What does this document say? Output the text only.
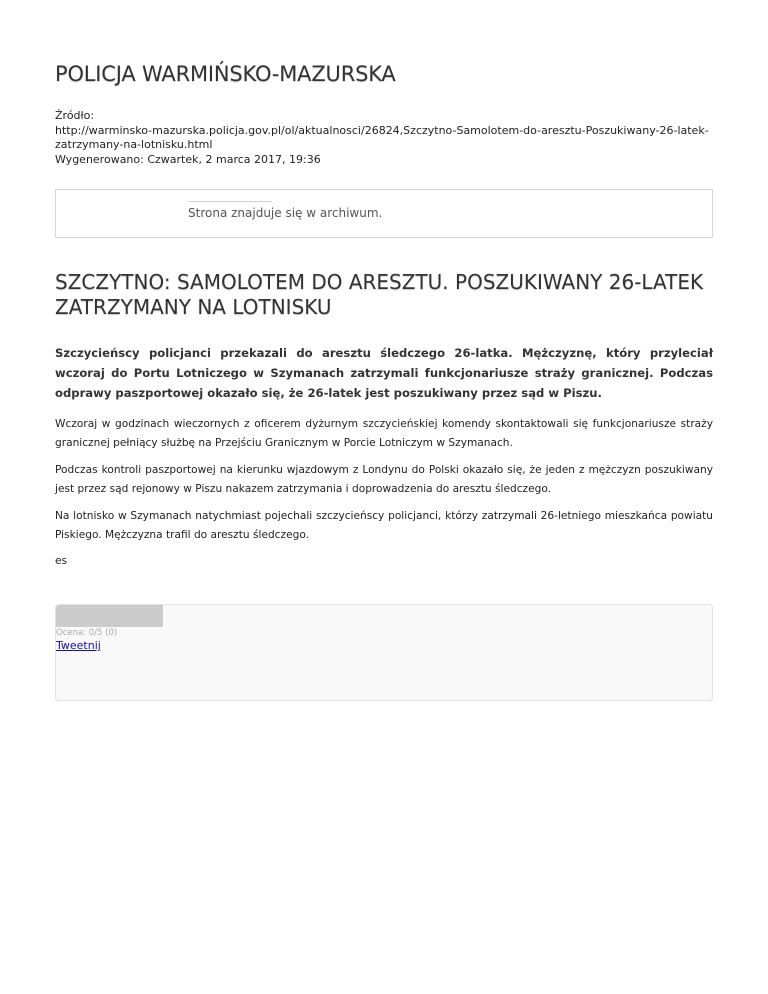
POLICJA WARMIŃSKO-MAZURSKA
Źródło:
http://warminsko-mazurska.policja.gov.pl/ol/aktualnosci/26824,Szczytno-Samolotem-do-aresztu-Poszukiwany-26-latek-zatrzymany-na-lotnisku.html
Wygenerowano: Czwartek, 2 marca 2017, 19:36
Strona znajduje się w archiwum.
SZCZYTNO: SAMOLOTEM DO ARESZTU. POSZUKIWANY 26-LATEK ZATRZYMANY NA LOTNISKU

Szczycieńscy policjanci przekazali do aresztu śledczego 26-latka. Mężczyznę, który przyleciał wczoraj do Portu Lotniczego w Szymanach zatrzymali funkcjonariusze straży granicznej. Podczas odprawy paszportowej okazało się, że 26-latek jest poszukiwany przez sąd w Piszu.

Wczoraj w godzinach wieczornych z oficerem dyżurnym szczycieńskiej komendy skontaktowali się funkcjonariusze straży granicznej pełniący służbę na Przejściu Granicznym w Porcie Lotniczym w Szymanach.

Podczas kontroli paszportowej na kierunku wjazdowym z Londynu do Polski okazało się, że jeden z mężczyzn poszukiwany jest przez sąd rejonowy w Piszu nakazem zatrzymania i doprowadzenia do aresztu śledczego.

Na lotnisko w Szymanach natychmiast pojechali szczycieńscy policjanci, którzy zatrzymali 26-letniego mieszkańca powiatu Piskiego. Mężczyzna trafil do aresztu śledczego.

es

Ocena: 0/5 (0)
Tweetnij
